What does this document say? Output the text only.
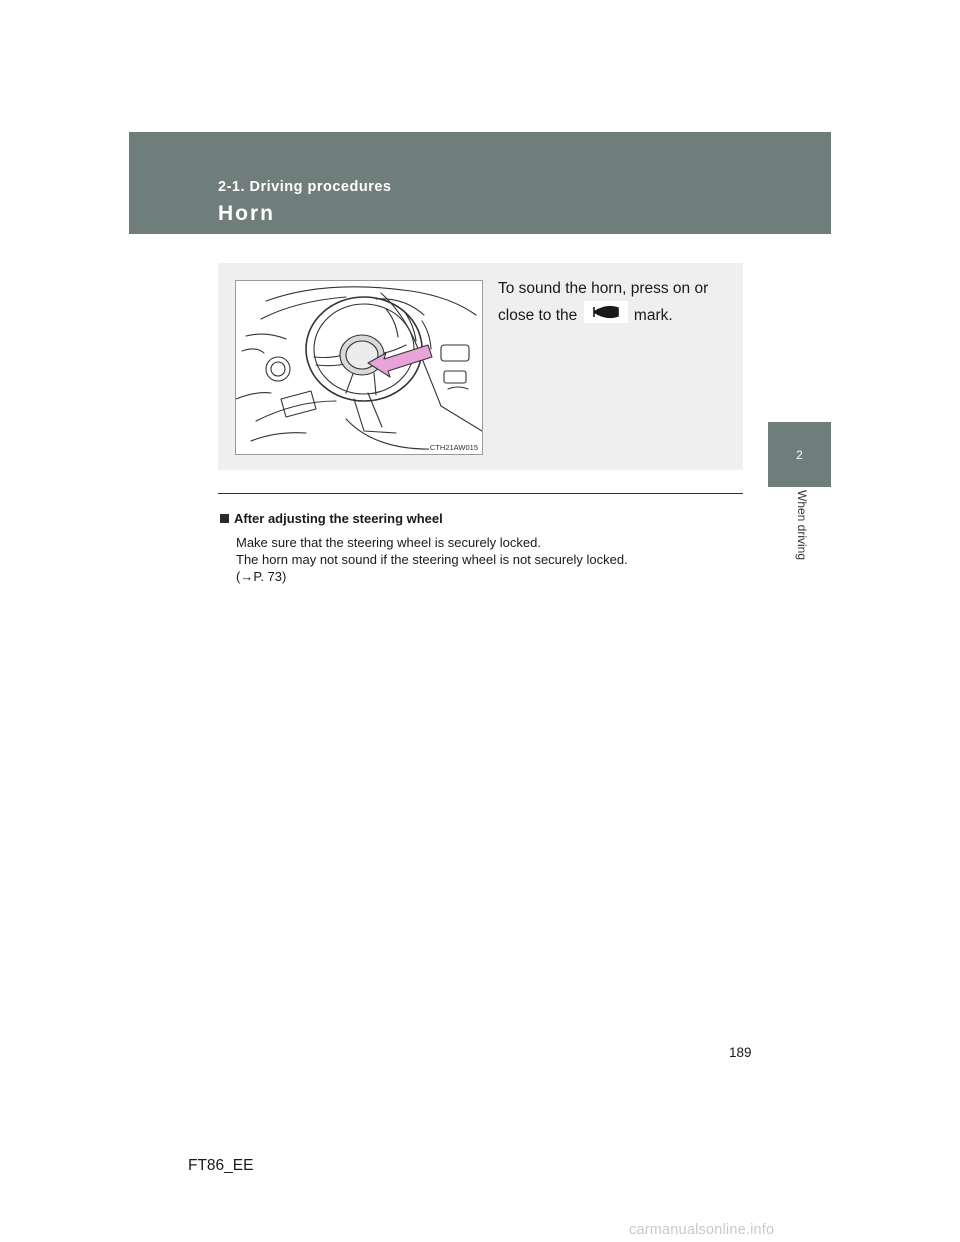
2-1. Driving procedures
Horn
2
When driving
CTH21AW015
To sound the horn, press on or close to the	mark.
After adjusting the steering wheel
Make sure that the steering wheel is securely locked.
The horn may not sound if the steering wheel is not securely locked.
(→P. 73)
189
FT86_EE
carmanualsonline.info
